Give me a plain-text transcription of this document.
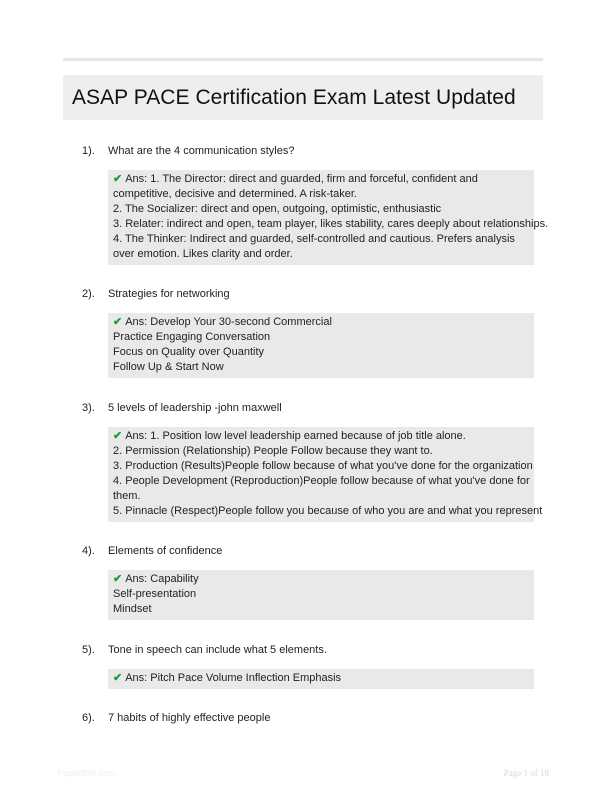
ASAP PACE Certification Exam Latest Updated
1). What are the 4 communication styles?
✔ Ans: 1. The Director: direct and guarded, firm and forceful, confident and competitive, decisive and determined. A risk-taker.
2. The Socializer: direct and open, outgoing, optimistic, enthusiastic
3. Relater: indirect and open, team player, likes stability, cares deeply about relationships.
4. The Thinker: Indirect and guarded, self-controlled and cautious. Prefers analysis over emotion. Likes clarity and order.
2). Strategies for networking
✔ Ans: Develop Your 30-second Commercial
Practice Engaging Conversation
Focus on Quality over Quantity
Follow Up & Start Now
3). 5 levels of leadership -john maxwell
✔ Ans: 1. Position low level leadership earned because of job title alone.
2. Permission (Relationship) People Follow because they want to.
3. Production (Results)People follow because of what you've done for the organization
4. People Development (Reproduction)People follow because of what you've done for them.
5. Pinnacle (Respect)People follow you because of who you are and what you represent
4). Elements of confidence
✔ Ans: Capability
Self-presentation
Mindset
5). Tone in speech can include what 5 elements.
✔ Ans: Pitch Pace Volume Inflection Emphasis
6). 7 habits of highly effective people
PaperBibl.com	Page 1 of 18
